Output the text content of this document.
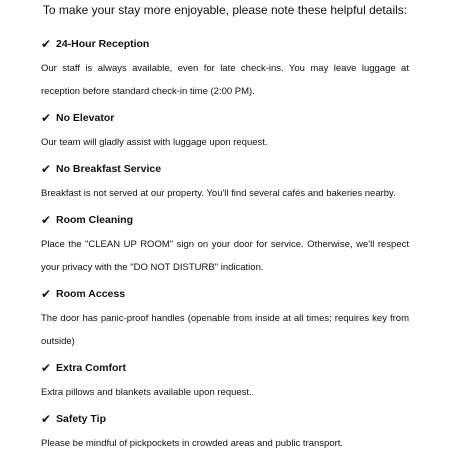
To make your stay more enjoyable, please note these helpful details:

✔ 24-Hour Reception

Our staff is always available, even for late check-ins. You may leave luggage at reception before standard check-in time (2:00 PM).

✔ No Elevator

Our team will gladly assist with luggage upon request.

✔ No Breakfast Service

Breakfast is not served at our property. You'll find several cafés and bakeries nearby.

✔ Room Cleaning

Place the "CLEAN UP ROOM" sign on your door for service. Otherwise, we'll respect your privacy with the "DO NOT DISTURB" indication.

✔ Room Access

The door has panic-proof handles (openable from inside at all times; requires key from outside)

✔ Extra Comfort

Extra pillows and blankets available upon request.

✔ Safety Tip

Please be mindful of pickpockets in crowded areas and public transport.
